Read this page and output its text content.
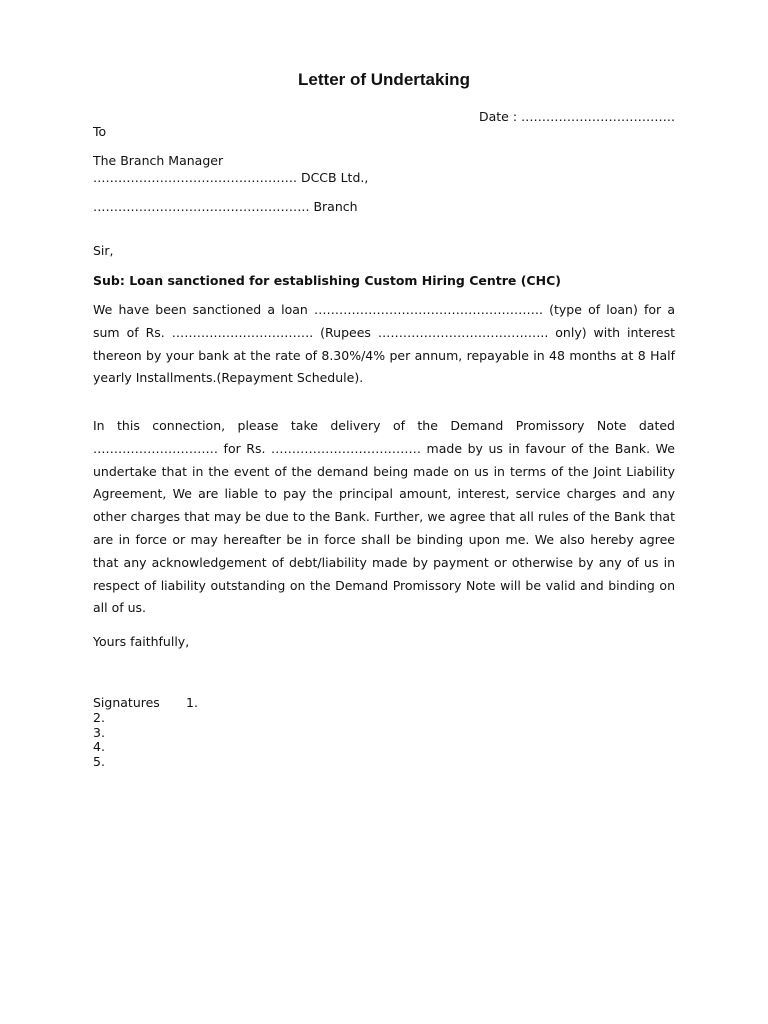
Letter of Undertaking
Date : ……………………………….
To
The Branch Manager
…………………………………………. DCCB Ltd.,
……………………………………………. Branch
Sir,
Sub: Loan sanctioned for establishing Custom Hiring Centre (CHC)

We have been sanctioned a loan ………………………………………………. (type of loan) for a sum of Rs. ……………………………. (Rupees ………………………………….. only) with interest thereon by your bank at the rate of 8.30%/4% per annum, repayable in 48 months at 8 Half yearly Installments.(Repayment Schedule).

In this connection, please take delivery of the Demand Promissory Note dated ………………………… for Rs. ……………………………… made by us in favour of the Bank. We undertake that in the event of the demand being made on us in terms of the Joint Liability Agreement, We are liable to pay the principal amount, interest, service charges and any other charges that may be due to the Bank. Further, we agree that all rules of the Bank that are in force or may hereafter be in force shall be binding upon me. We also hereby agree that any acknowledgement of debt/liability made by payment or otherwise by any of us in respect of liability outstanding on the Demand Promissory Note will be valid and binding on all of us.

Yours faithfully,
Signatures	1.
2.
3.
4.
5.
